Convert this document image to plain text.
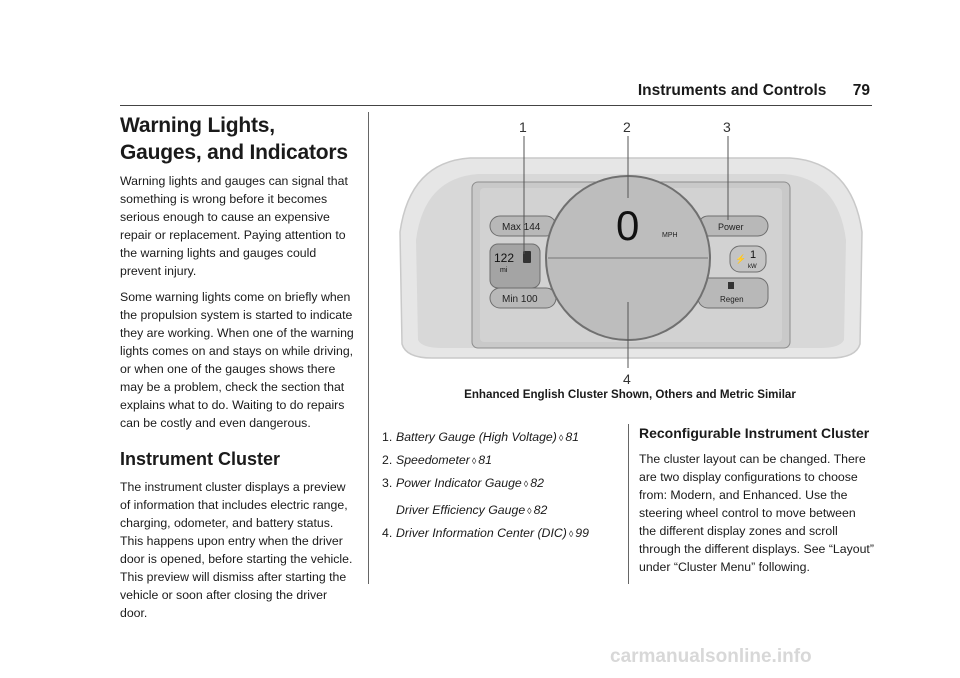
Instruments and Controls 79
Warning Lights, Gauges, and Indicators

Warning lights and gauges can signal that something is wrong before it becomes serious enough to cause an expensive repair or replacement. Paying attention to the warning lights and gauges could prevent injury.

Some warning lights come on briefly when the propulsion system is started to indicate they are working. When one of the warning lights comes on and stays on while driving, or when one of the gauges shows there may be a problem, check the section that explains what to do. Waiting to do repairs can be costly and even dangerous.

Instrument Cluster

The instrument cluster displays a preview of information that includes electric range, charging, odometer, and battery status. This happens upon entry when the driver door is opened, before starting the vehicle. This preview will dismiss after starting the vehicle or soon after closing the driver door.

Max 144
122
mi
Min 100
Power
⚡ 1
kW
Regen
0	MPH
1	2	3
4
Enhanced English Cluster Shown, Others and Metric Similar
1. Battery Gauge (High Voltage) ◊ 81
2. Speedometer ◊ 81
3. Power Indicator Gauge ◊ 82
Driver Efficiency Gauge ◊ 82
4. Driver Information Center (DIC) ◊ 99
Reconfigurable Instrument Cluster

The cluster layout can be changed. There are two display configurations to choose from: Modern, and Enhanced. Use the steering wheel control to move between the different display zones and scroll through the different displays. See “Layout” under “Cluster Menu” following.

carmanualsonline.info
